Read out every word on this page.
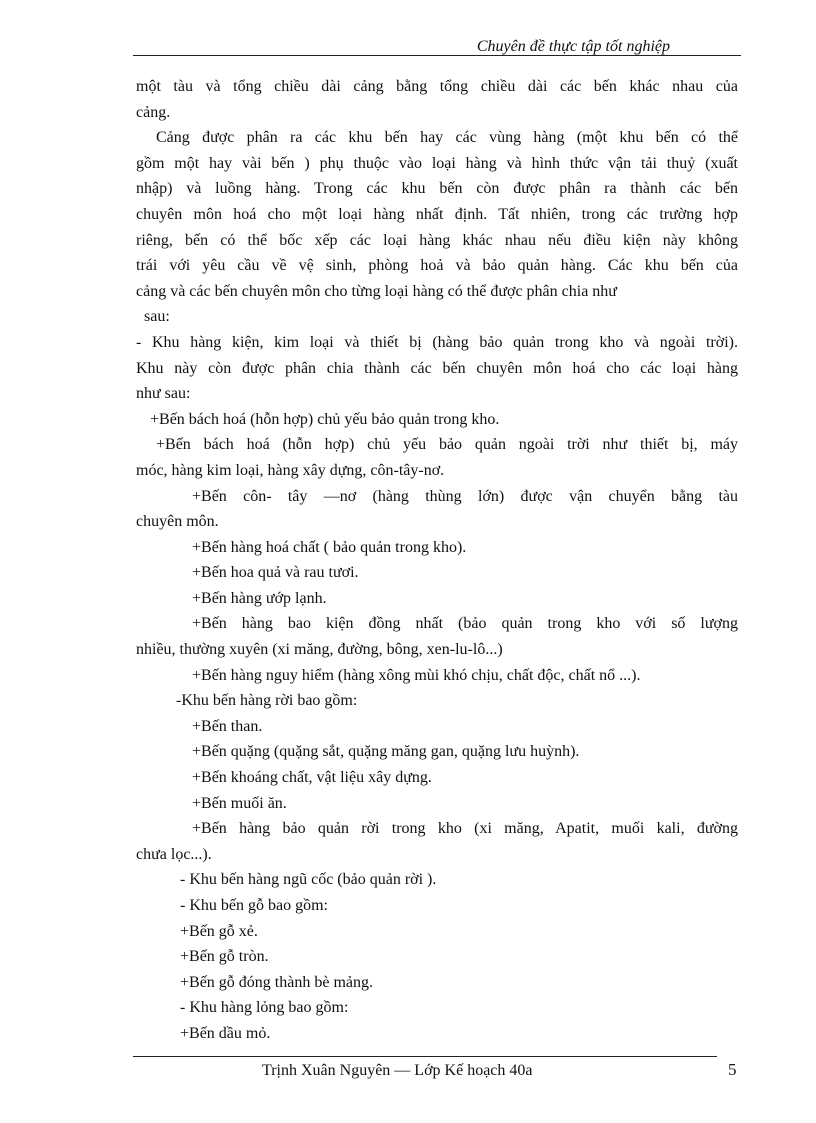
Chuyên đề thực tập tốt nghiệp
một tàu và tổng chiều dài cảng bằng tổng chiều dài các bến khác nhau của
cảng.
Cảng được phân ra các khu bến hay các vùng hàng (một khu bến có thể
gồm một hay vài bến ) phụ thuộc vào loại hàng và hình thức vận tải thuỷ (xuất
nhập) và luồng hàng. Trong các khu bến còn được phân ra thành các bến
chuyên môn hoá cho một loại hàng nhất định. Tất nhiên, trong các trường hợp
riêng, bến có thể bốc xếp các loại hàng khác nhau nếu điều kiện này không
trái với yêu cầu về vệ sinh, phòng hoả và bảo quản hàng. Các khu bến của
cảng và các bến chuyên môn cho từng loại hàng có thể được phân chia như
sau:
- Khu hàng kiện, kim loại và thiết bị (hàng bảo quản trong kho và ngoài trời).
Khu này còn được phân chia thành các bến chuyên môn hoá cho các loại hàng
như sau:
+Bến bách hoá (hỗn hợp) chủ yếu bảo quản trong kho.
+Bến bách hoá (hỗn hợp) chủ yếu bảo quản ngoài trời như thiết bị, máy
móc, hàng kim loại, hàng xây dựng, côn-tây-nơ.
+Bến côn- tây —nơ (hàng thùng lớn) được vận chuyển bằng tàu
chuyên môn.
+Bến hàng hoá chất ( bảo quản trong kho).
+Bến hoa quả và rau tươi.
+Bến hàng ướp lạnh.
+Bến hàng bao kiện đồng nhất (bảo quản trong kho với số lượng
nhiều, thường xuyên (xi măng, đường, bông, xen-lu-lô...)
+Bến hàng nguy hiểm (hàng xông mùi khó chịu, chất độc, chất nổ ...).
-Khu bến hàng rời bao gồm:
+Bến than.
+Bến quặng (quặng sắt, quặng măng gan, quặng lưu huỳnh).
+Bến khoáng chất, vật liệu xây dựng.
+Bến muối ăn.
+Bến hàng bảo quản rời trong kho (xi măng, Apatit, muối kali, đường
chưa lọc...).
- Khu bến hàng ngũ cốc (bảo quản rời ).
- Khu bến gỗ bao gồm:
+Bến gỗ xẻ.
+Bến gỗ tròn.
+Bến gỗ đóng thành bè mảng.
- Khu hàng lỏng bao gồm:
+Bến dầu mỏ.
Trịnh Xuân Nguyên — Lớp Kế hoạch 40a	5
